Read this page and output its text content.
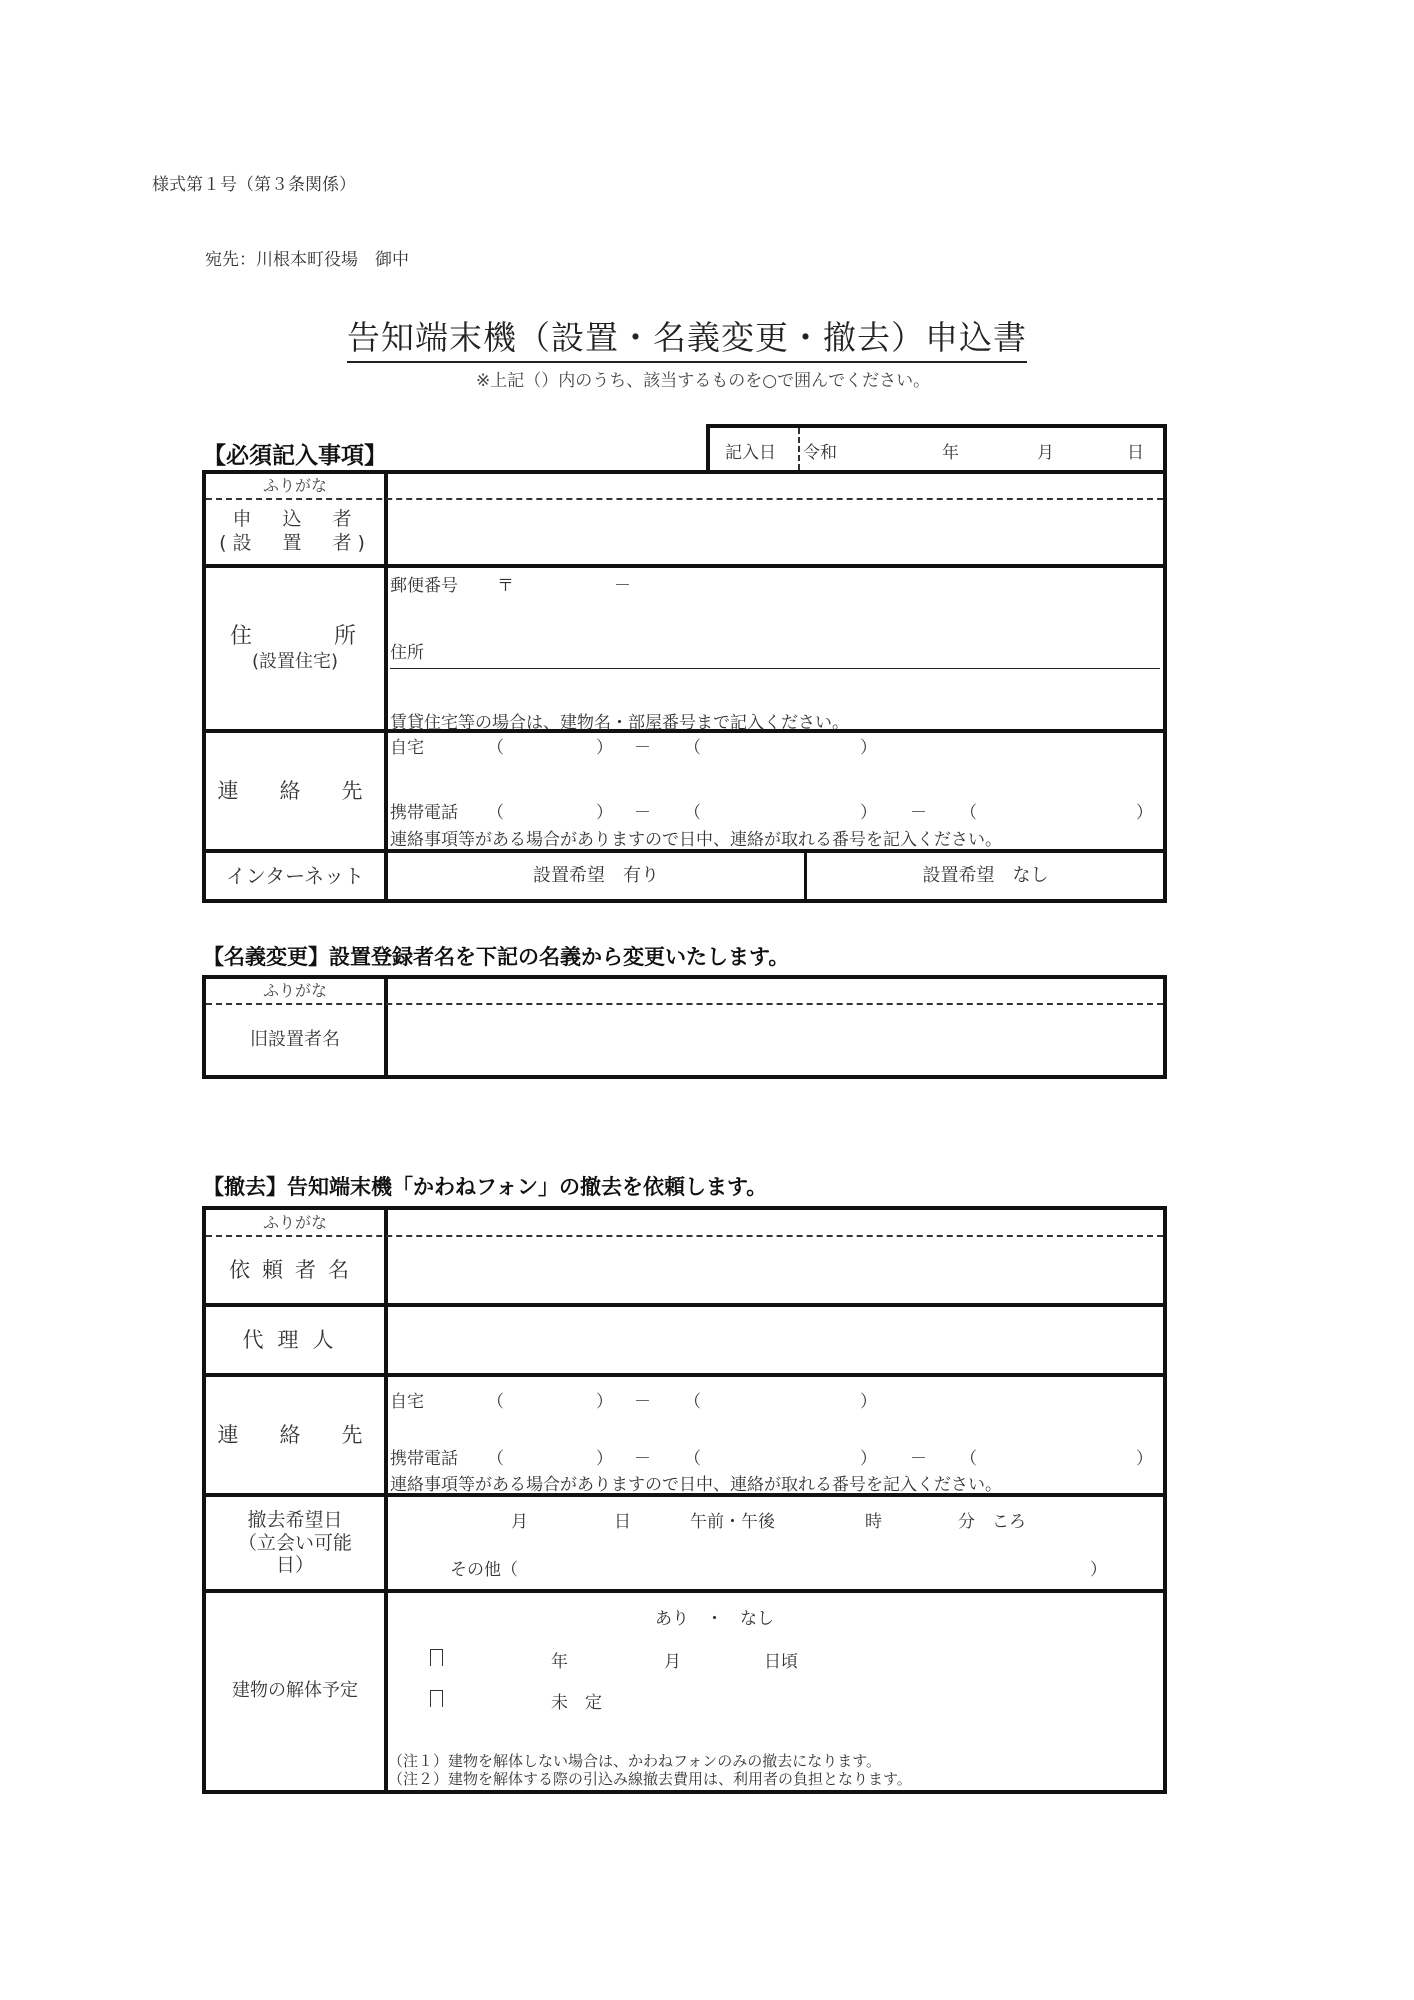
様式第１号（第３条関係）
宛先：川根本町役場　御中
告知端末機（設置・名義変更・撤去）申込書
※上記（）内のうち、該当するものを○で囲んでください。
【必須記入事項】	記入日 令和	年	月	日
ふりがな
申　込　者
(設　置　者)
住　　　所
(設置住宅)
郵便番号 〒	－
住所
賃貸住宅等の場合は、建物名・部屋番号まで記入ください。
連　絡　先
自宅	（	） － （	）
携帯電話 （	） － （	） － （	）
連絡事項等がある場合がありますので日中、連絡が取れる番号を記入ください。
インターネット	設置希望　有り	設置希望　なし
【名義変更】設置登録者名を下記の名義から変更いたします。
ふりがな
旧設置者名
【撤去】告知端末機「かわねフォン」の撤去を依頼します。
ふりがな
依頼者名
代理人
連　絡　先
自宅	（	） － （	）
携帯電話 （	） － （	） － （	）
連絡事項等がある場合がありますので日中、連絡が取れる番号を記入ください。
撤去希望日
（立会い可能
日）
月	日	午前・午後	時	分 ころ
その他（	）
建物の解体予定
あり　・　なし
年	月	日頃
未　定
（注１）建物を解体しない場合は、かわねフォンのみの撤去になります。
（注２）建物を解体する際の引込み線撤去費用は、利用者の負担となります。
